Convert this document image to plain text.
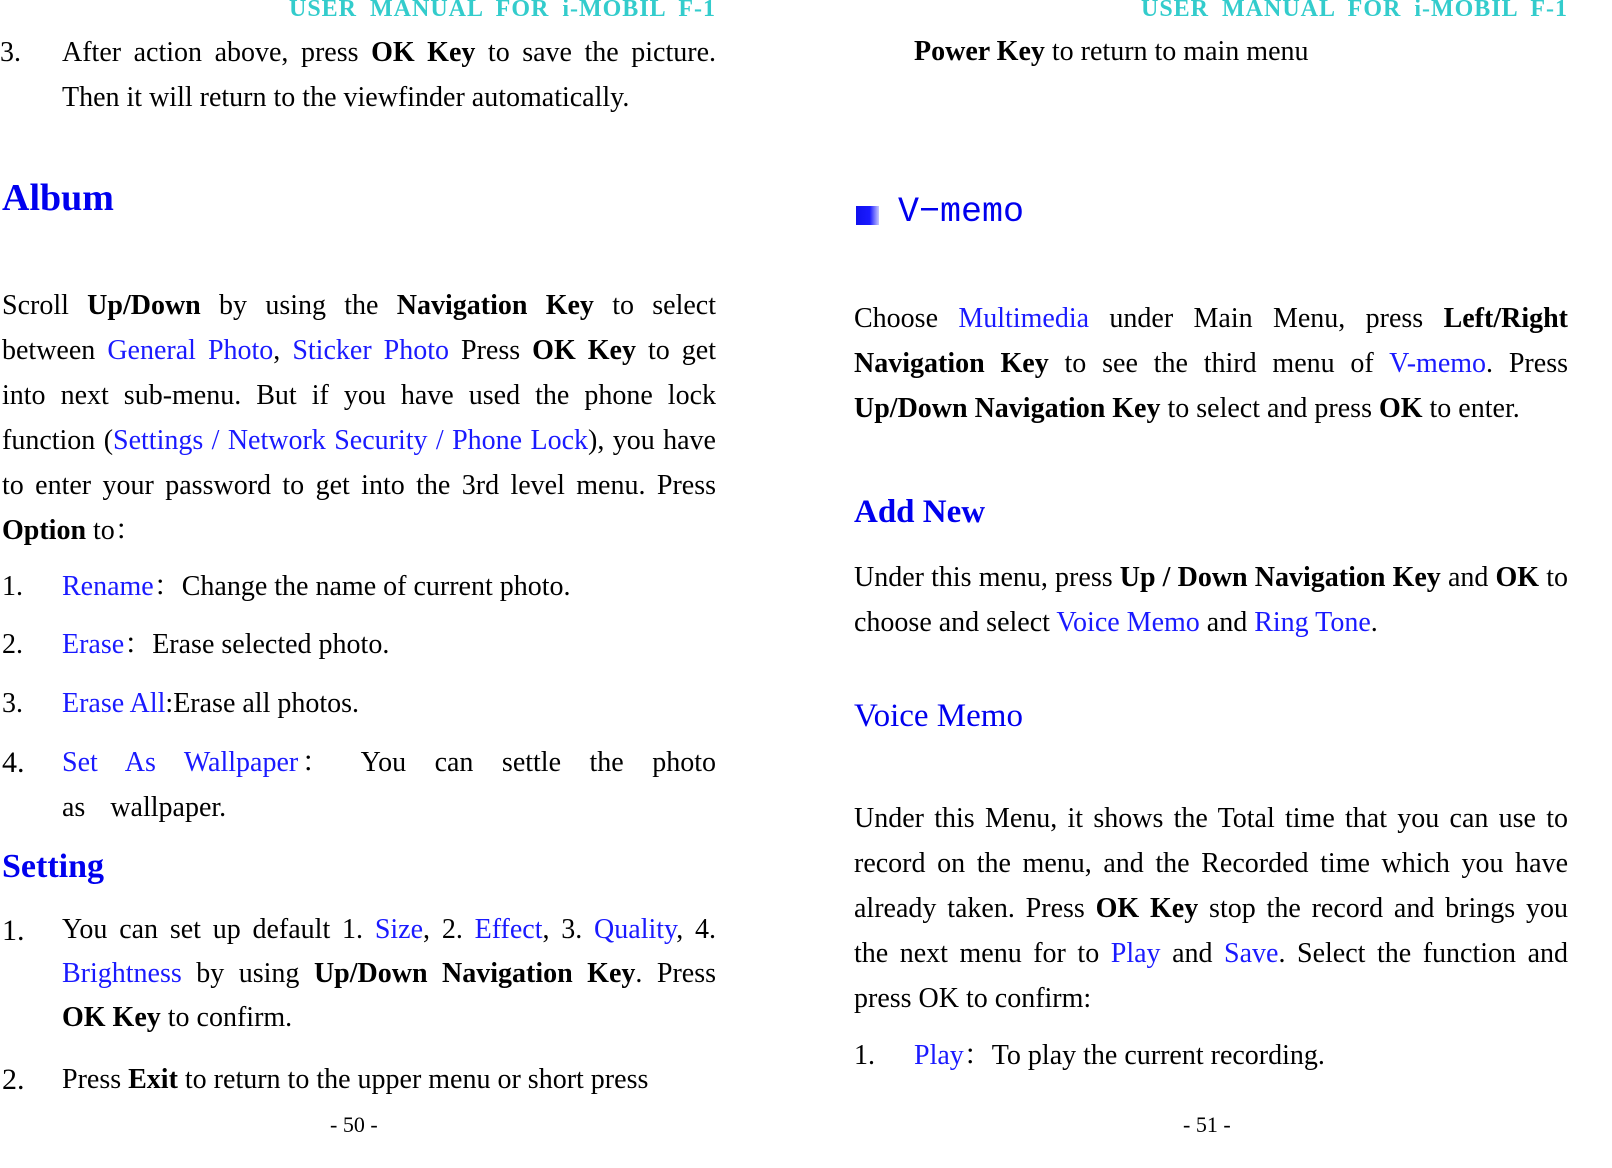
USER MANUAL FOR i-MOBIL F-1
3. After action above, press OK Key to save the picture. Then it will return to the viewfinder automatically.
Album
Scroll Up/Down by using the Navigation Key to select between General Photo, Sticker Photo Press OK Key to get into next sub-menu. But if you have used the phone lock function (Settings / Network Security / Phone Lock), you have to enter your password to get into the 3rd level menu. Press Option to：
1. Rename：Change the name of current photo.
2. Erase：Erase selected photo.
3. Erase All:Erase all photos.
4. Set As Wallpaper： You can settle the photo as wallpaper.
Setting
1. You can set up default 1. Size, 2. Effect, 3. Quality, 4. Brightness by using Up/Down Navigation Key. Press OK Key to confirm.
2. Press Exit to return to the upper menu or short press
- 50 -
USER MANUAL FOR i-MOBIL F-1
Power Key to return to main menu
V−memo
Choose Multimedia under Main Menu, press Left/Right Navigation Key to see the third menu of V-memo. Press Up/Down Navigation Key to select and press OK to enter.
Add New
Under this menu, press Up / Down Navigation Key and OK to choose and select Voice Memo and Ring Tone.
Voice Memo
Under this Menu, it shows the Total time that you can use to record on the menu, and the Recorded time which you have already taken. Press OK Key stop the record and brings you the next menu for to Play and Save. Select the function and press OK to confirm:
1. Play：To play the current recording.
- 51 -
